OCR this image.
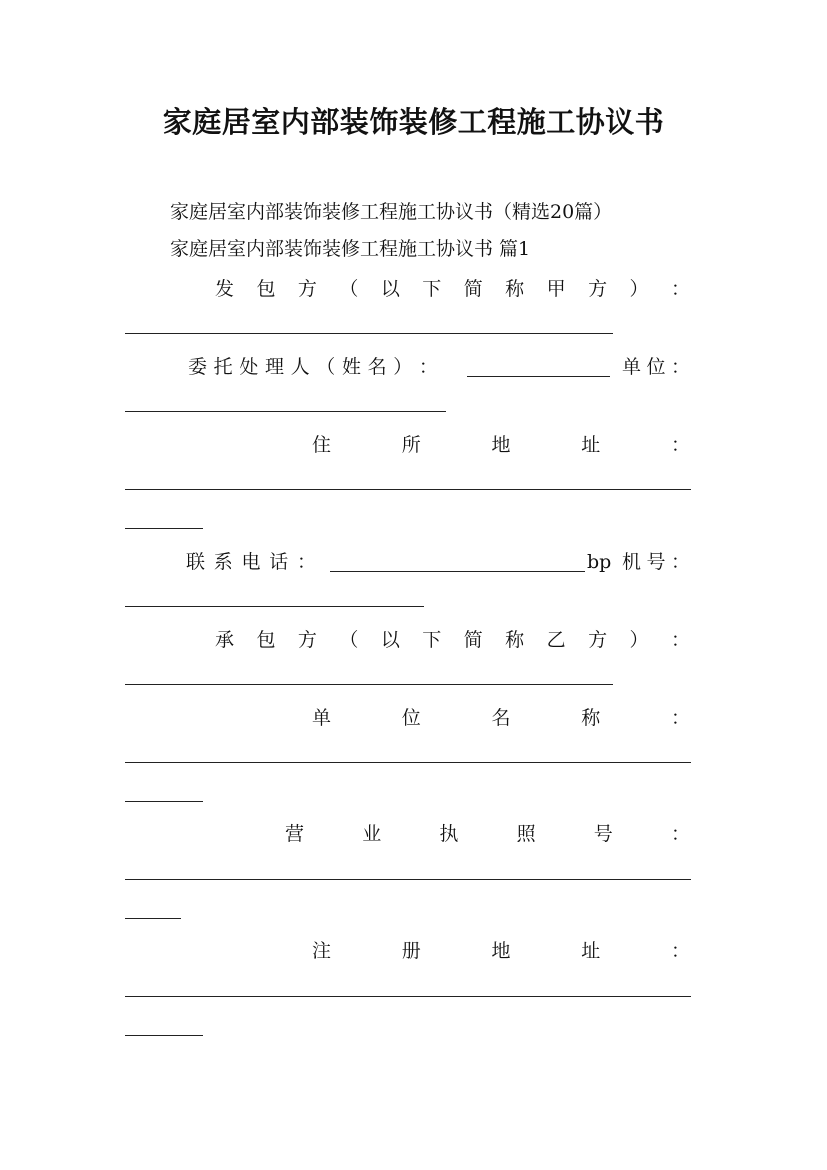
家庭居室内部装饰装修工程施工协议书
家庭居室内部装饰装修工程施工协议书（精选20篇）
家庭居室内部装饰装修工程施工协议书 篇1
发 包 方 （ 以 下 简 称 甲 方 ） ：
委 托 处 理 人 （ 姓 名 ） ：	单 位 ：
住	所	地	址	：
联 系 电 话 ：	bp 机 号 ：
承 包 方 （ 以 下 简 称 乙 方 ） ：
单	位	名	称	：
营	业	执	照	号	：
注	册	地	址	：
